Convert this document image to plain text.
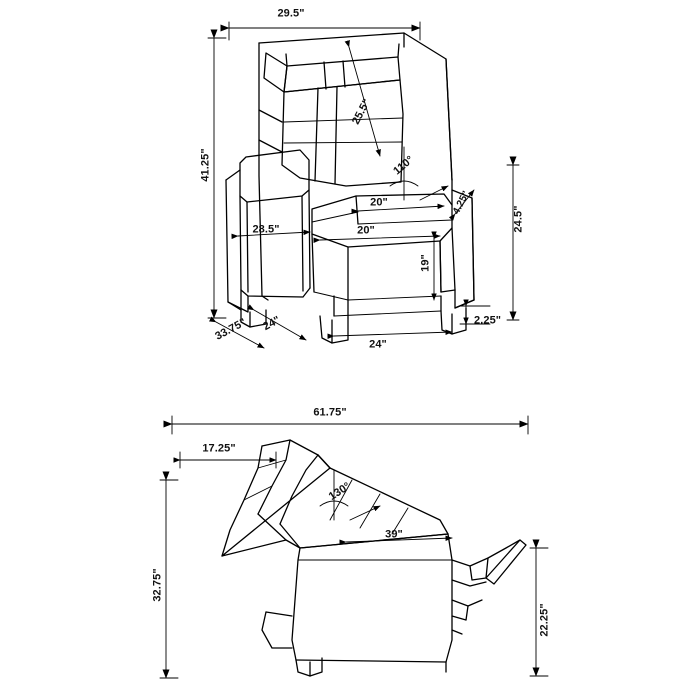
29.5"
41.25"
25.5"
110°
20"	4.25"
24.5"
28.5"	20"
19"
33.75" 24"	2.25"
24"
61.75"
17.25"
130°
39"
32.75"
22.25"
